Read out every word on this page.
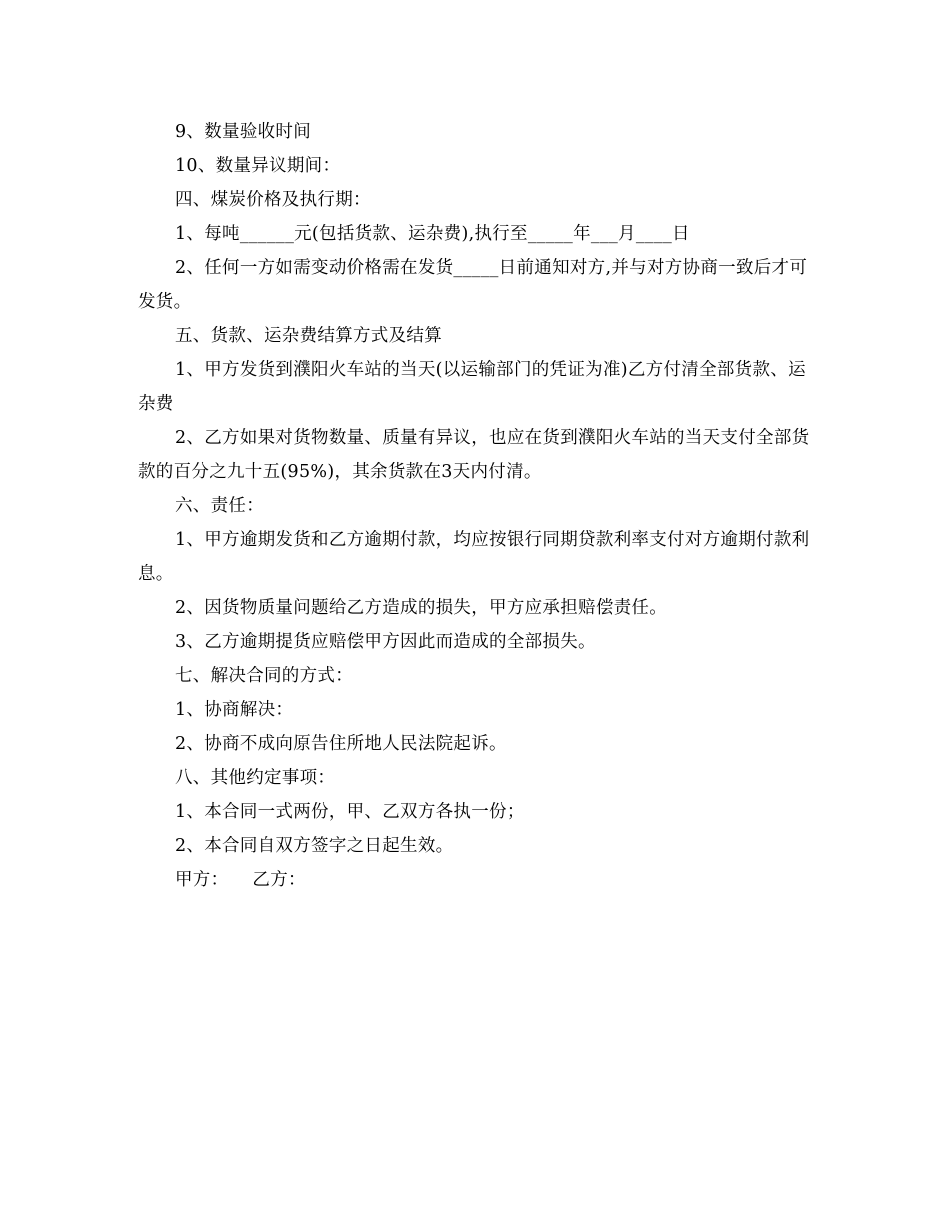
9、数量验收时间

10、数量异议期间：

四、煤炭价格及执行期：

1、每吨______元(包括货款、运杂费),执行至_____年___月____日

2、任何一方如需变动价格需在发货_____日前通知对方,并与对方协商一致后才可发货。

五、货款、运杂费结算方式及结算

1、甲方发货到濮阳火车站的当天(以运输部门的凭证为准)乙方付清全部货款、运杂费

2、乙方如果对货物数量、质量有异议，也应在货到濮阳火车站的当天支付全部货款的百分之九十五(95%)，其余货款在3天内付清。

六、责任：

1、甲方逾期发货和乙方逾期付款，均应按银行同期贷款利率支付对方逾期付款利息。

2、因货物质量问题给乙方造成的损失，甲方应承担赔偿责任。

3、乙方逾期提货应赔偿甲方因此而造成的全部损失。

七、解决合同的方式：

1、协商解决：

2、协商不成向原告住所地人民法院起诉。

八、其他约定事项：

1、本合同一式两份，甲、乙双方各执一份；

2、本合同自双方签字之日起生效。

甲方： 乙方：
